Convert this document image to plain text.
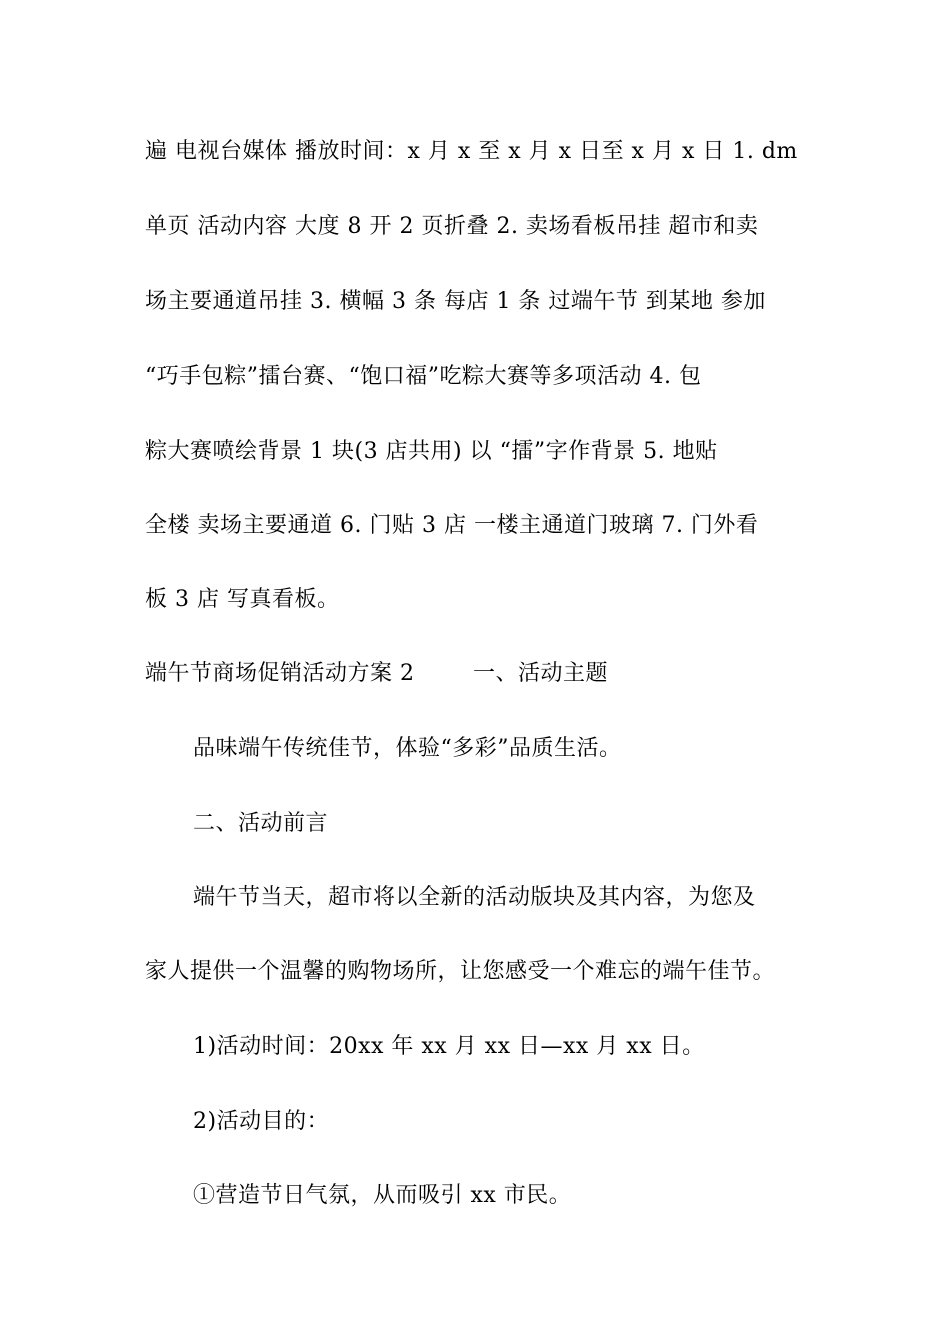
遍 电视台媒体 播放时间：x 月 x 至 x 月 x 日至 x 月 x 日 1. dm
单页 活动内容 大度 8 开 2 页折叠 2. 卖场看板吊挂 超市和卖
场主要通道吊挂 3. 横幅 3 条 每店 1 条 过端午节 到某地 参加
“巧手包粽”擂台赛、“饱口福”吃粽大赛等多项活动 4. 包
粽大赛喷绘背景 1 块(3 店共用) 以 “擂”字作背景 5. 地贴
全楼 卖场主要通道 6. 门贴 3 店 一楼主通道门玻璃 7. 门外看
板 3 店 写真看板。
端午节商场促销活动方案 2	一、活动主题
品味端午传统佳节，体验“多彩”品质生活。
二、活动前言
端午节当天，超市将以全新的活动版块及其内容，为您及
家人提供一个温馨的购物场所，让您感受一个难忘的端午佳节。
1)活动时间：20xx 年 xx 月 xx 日—xx 月 xx 日。
2)活动目的：
①营造节日气氛，从而吸引 xx 市民。
